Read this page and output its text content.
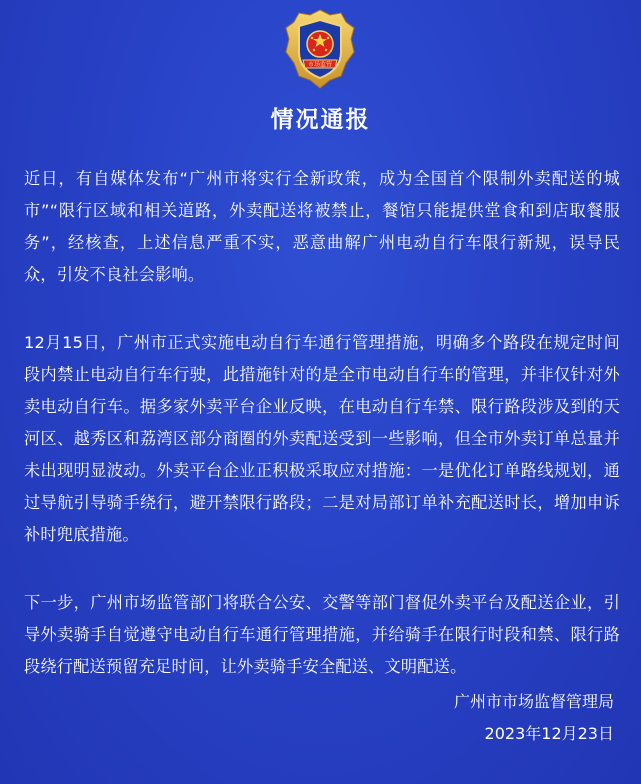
市场监管
情况通报

近日，有自媒体发布“广州市将实行全新政策，成为全国首个限制外卖配送的城市”“限行区域和相关道路，外卖配送将被禁止，餐馆只能提供堂食和到店取餐服务”，经核查，上述信息严重不实，恶意曲解广州电动自行车限行新规，误导民众，引发不良社会影响。

12月15日，广州市正式实施电动自行车通行管理措施，明确多个路段在规定时间段内禁止电动自行车行驶，此措施针对的是全市电动自行车的管理，并非仅针对外卖电动自行车。据多家外卖平台企业反映，在电动自行车禁、限行路段涉及到的天河区、越秀区和荔湾区部分商圈的外卖配送受到一些影响，但全市外卖订单总量并未出现明显波动。外卖平台企业正积极采取应对措施：一是优化订单路线规划，通过导航引导骑手绕行，避开禁限行路段；二是对局部订单补充配送时长，增加申诉补时兜底措施。

下一步，广州市场监管部门将联合公安、交警等部门督促外卖平台及配送企业，引导外卖骑手自觉遵守电动自行车通行管理措施，并给骑手在限行时段和禁、限行路段绕行配送预留充足时间，让外卖骑手安全配送、文明配送。

广州市市场监督管理局
2023年12月23日
